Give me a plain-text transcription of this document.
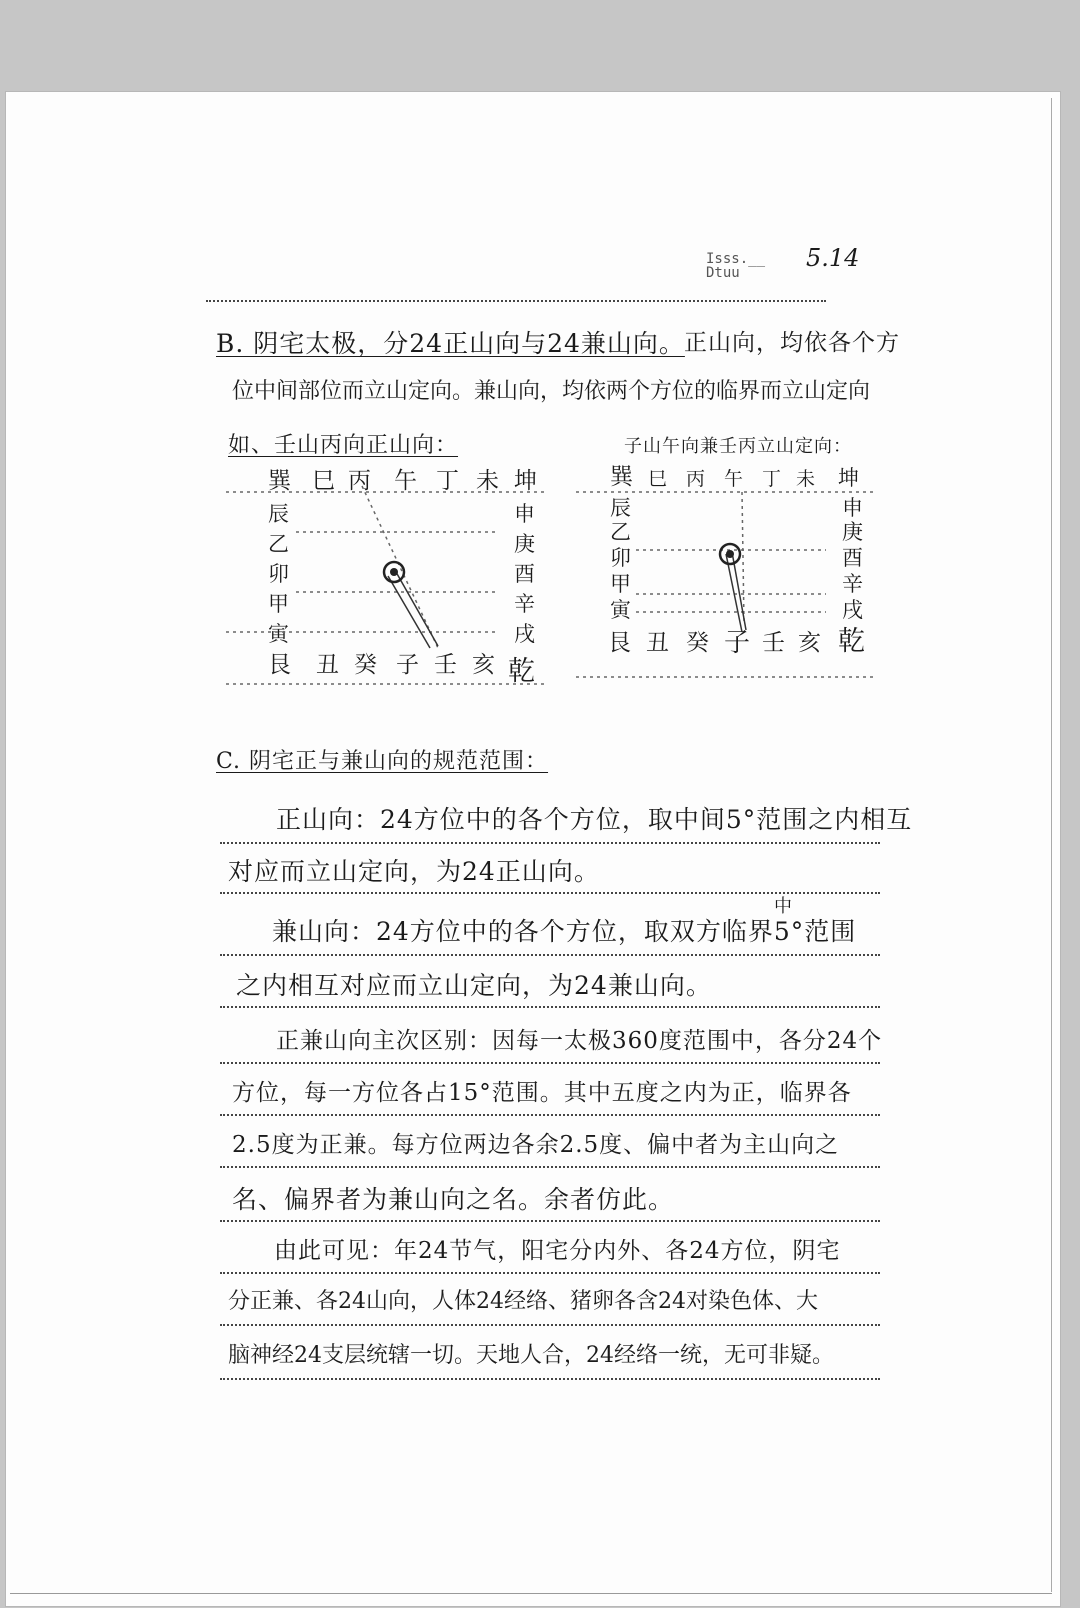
Isss.__ Dtuu
5.14
B. 阴宅太极，分24正山向与24兼山向。 正山向，均依各个方
位中间部位而立山定向。兼山向，均依两个方位的临界而立山定向
如、壬山丙向正山向：	子山午向兼壬丙立山定向：
巽 巳 丙 午 丁 未 坤
辰
乙
卯
甲
寅
申
庚
酉
辛
戌
艮 丑 癸 子 壬 亥 乾
巽 巳 丙 午 丁 未 坤
辰
乙
卯
甲
寅
申
庚
酉
辛
戌
艮 丑 癸 子 壬 亥 乾
C. 阴宅正与兼山向的规范范围：
正山向：24方位中的各个方位，取中间5°范围之内相互
对应而立山定向，为24正山向。
中
兼山向：24方位中的各个方位，取双方临界5°范围
之内相互对应而立山定向，为24兼山向。
正兼山向主次区别：因每一太极360度范围中，各分24个
方位，每一方位各占15°范围。其中五度之内为正，临界各
2.5度为正兼。每方位两边各余2.5度、偏中者为主山向之
名、偏界者为兼山向之名。余者仿此。
由此可见：年24节气，阳宅分内外、各24方位，阴宅
分正兼、各24山向，人体24经络、猪卵各含24对染色体、大
脑神经24支层统辖一切。天地人合，24经络一统，无可非疑。
